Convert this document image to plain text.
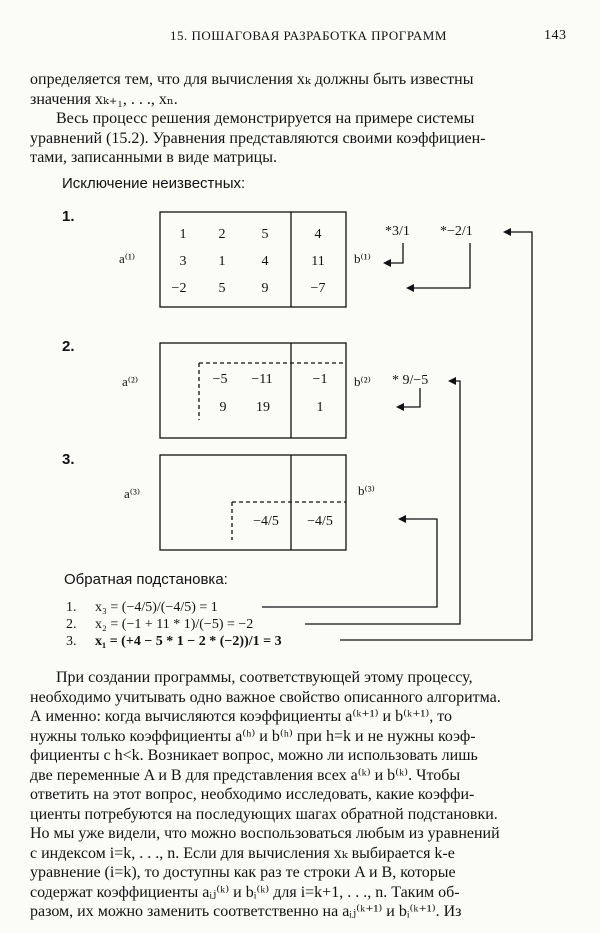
15. ПОШАГОВАЯ РАЗРАБОТКА ПРОГРАММ	143
определяется тем, что для вычисления xₖ должны быть известны
значения xₖ₊₁, . . ., xₙ.
Весь процесс решения демонстрируется на примере системы
уравнений (15.2). Уравнения представляются своими коэффициен-
тами, записанными в виде матрицы.
Исключение неизвестных:
1.
a⁽¹⁾	b⁽¹⁾
1	2	5	4
3	1	4	11
−2	5	9	−7
*3/1 *−2/1
2.
a⁽²⁾	b⁽²⁾
−5	−11	−1
9	19	1
* 9/−5
3.
a⁽³⁾	b⁽³⁾
−4/5	−4/5
Обратная подстановка:
1. x₃ = (−4/5)/(−4/5) = 1
2. x₂ = (−1 + 11 * 1)/(−5) = −2
3. x₁ = (+4 − 5 * 1 − 2 * (−2))/1 = 3
При создании программы, соответствующей этому процессу,
необходимо учитывать одно важное свойство описанного алгоритма.
А именно: когда вычисляются коэффициенты a⁽ᵏ⁺¹⁾ и b⁽ᵏ⁺¹⁾, то
нужны только коэффициенты a⁽ʰ⁾ и b⁽ʰ⁾ при h=k и не нужны коэф-
фициенты с h<k. Возникает вопрос, можно ли использовать лишь
две переменные A и B для представления всех a⁽ᵏ⁾ и b⁽ᵏ⁾. Чтобы
ответить на этот вопрос, необходимо исследовать, какие коэффи-
циенты потребуются на последующих шагах обратной подстановки.
Но мы уже видели, что можно воспользоваться любым из уравнений
с индексом i=k, . . ., n. Если для вычисления xₖ выбирается k-е
уравнение (i=k), то доступны как раз те строки A и B, которые
содержат коэффициенты aᵢⱼ⁽ᵏ⁾ и bᵢ⁽ᵏ⁾ для i=k+1, . . ., n. Таким об-
разом, их можно заменить соответственно на aᵢⱼ⁽ᵏ⁺¹⁾ и bᵢ⁽ᵏ⁺¹⁾. Из
